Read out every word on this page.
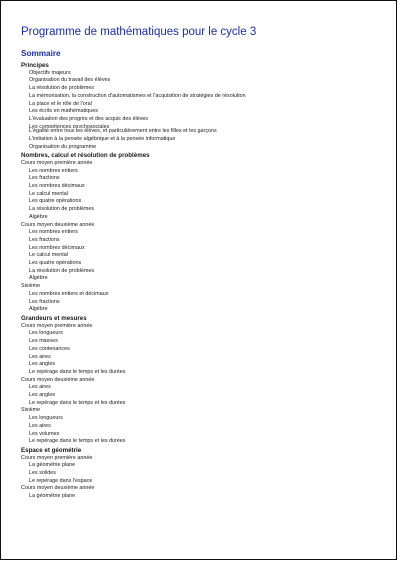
Programme de mathématiques pour le cycle 3
Sommaire
Principes
Objectifs majeurs
Organisation du travail des élèves
La résolution de problèmes
La mémorisation, la construction d'automatismes et l'acquisition de stratégies de résolution
La place et le rôle de l'oral
Les écrits en mathématiques
L'évaluation des progrès et des acquis des élèves
Les compétences psychosociales
L'égalité entre tous les élèves, et particulièrement entre les filles et les garçons
L'initiation à la pensée algébrique et à la pensée informatique
Organisation du programme
Nombres, calcul et résolution de problèmes
Cours moyen première année
Les nombres entiers
Les fractions
Les nombres décimaux
Le calcul mental
Les quatre opérations
La résolution de problèmes
Algèbre
Cours moyen deuxième année
Les nombres entiers
Les fractions
Les nombres décimaux
Le calcul mental
Les quatre opérations
La résolution de problèmes
Algèbre
Sixième
Les nombres entiers et décimaux
Les fractions
Algèbre
Grandeurs et mesures
Cours moyen première année
Les longueurs
Les masses
Les contenances
Les aires
Les angles
Le repérage dans le temps et les durées
Cours moyen deuxième année
Les aires
Les angles
Le repérage dans le temps et les durées
Sixième
Les longueurs
Les aires
Les volumes
Le repérage dans le temps et les durées
Espace et géométrie
Cours moyen première année
La géométrie plane
Les solides
Le repérage dans l'espace
Cours moyen deuxième année
La géométrie plane
